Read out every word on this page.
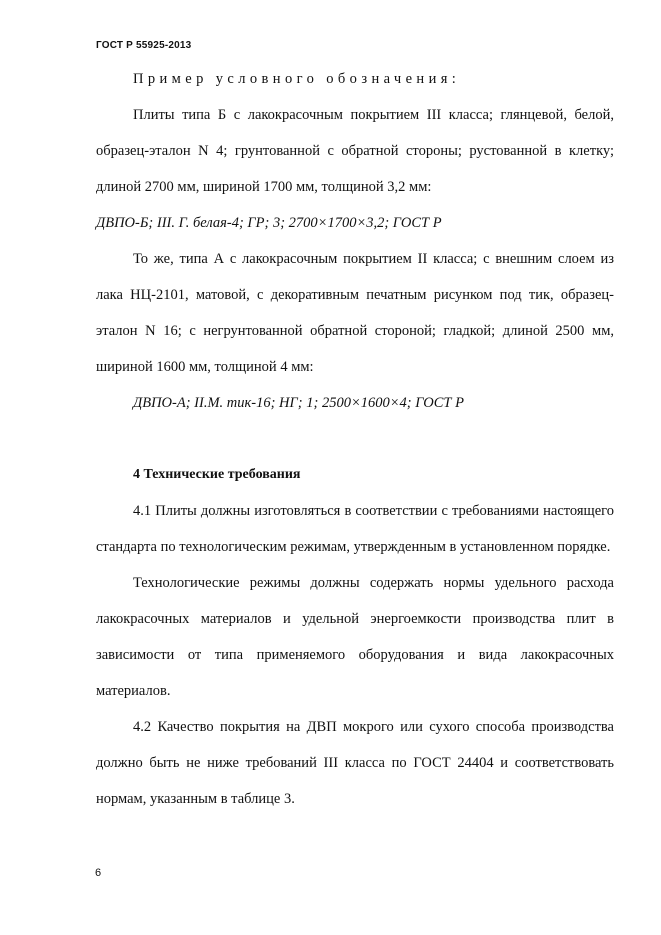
ГОСТ Р 55925-2013

Пример условного обозначения:

Плиты типа Б с лакокрасочным покрытием III класса; глянцевой, белой, образец-эталон N 4; грунтованной с обратной стороны; рустованной в клетку; длиной 2700 мм, шириной 1700 мм, толщиной 3,2 мм:

ДВПО-Б; III. Г. белая-4; ГР; 3; 2700×1700×3,2; ГОСТ Р

То же, типа А с лакокрасочным покрытием II класса; с внешним слоем из лака НЦ-2101, матовой, с декоративным печатным рисунком под тик, образец-эталон N 16; с негрунтованной обратной стороной; гладкой; длиной 2500 мм, шириной 1600 мм, толщиной 4 мм:

ДВПО-А; II.М. тик-16; НГ; 1; 2500×1600×4; ГОСТ Р

4 Технические требования

4.1 Плиты должны изготовляться в соответствии с требованиями настоящего стандарта по технологическим режимам, утвержденным в установленном порядке.

Технологические режимы должны содержать нормы удельного расхода лакокрасочных материалов и удельной энергоемкости производства плит в зависимости от типа применяемого оборудования и вида лакокрасочных материалов.

4.2 Качество покрытия на ДВП мокрого или сухого способа производства должно быть не ниже требований III класса по ГОСТ 24404 и соответствовать нормам, указанным в таблице 3.

6
